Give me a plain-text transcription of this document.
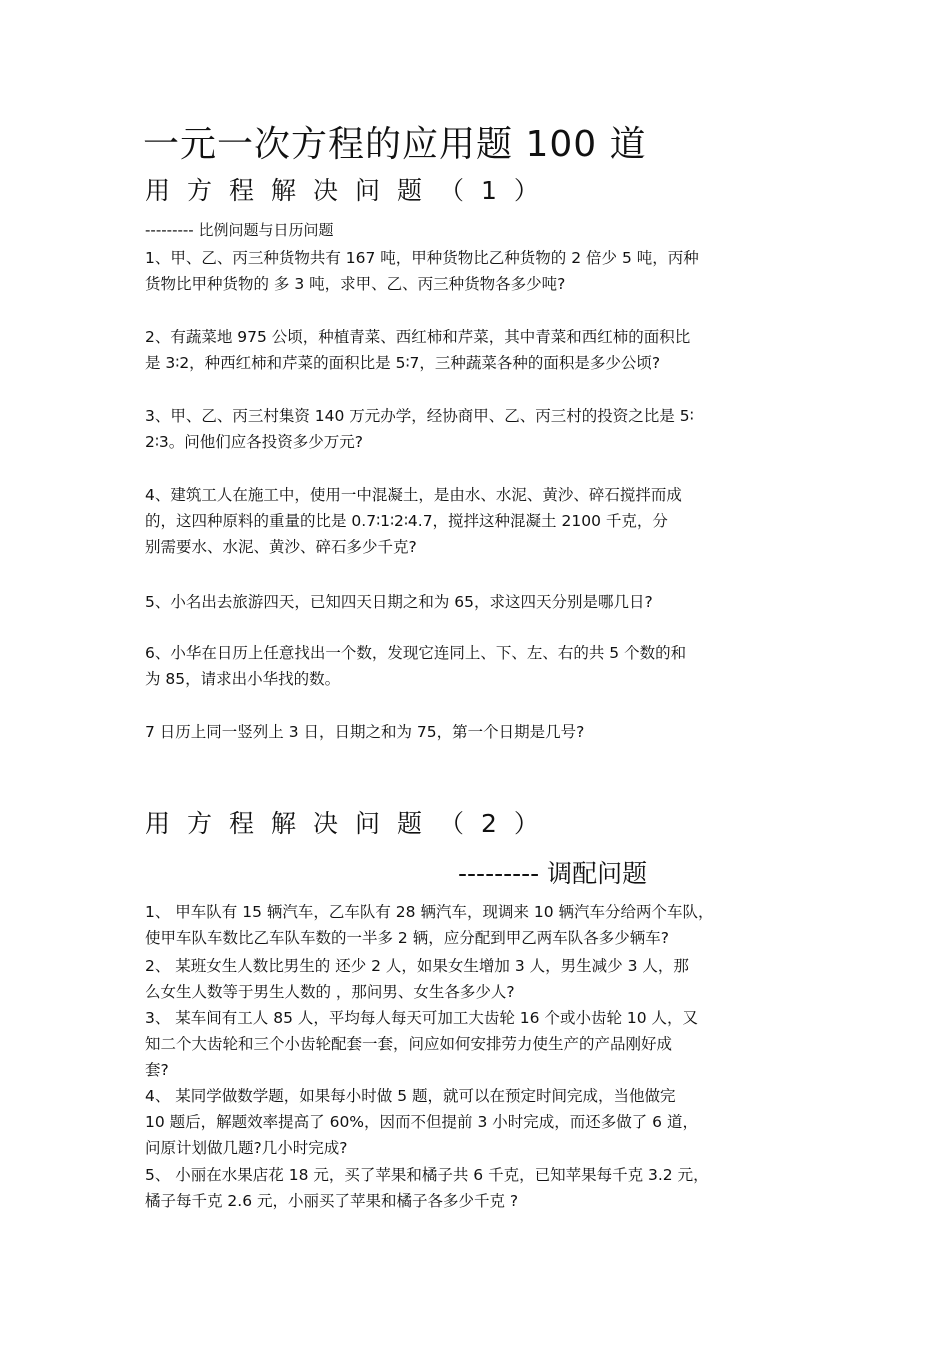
一元一次方程的应用题 100 道
用方程解决问题（1）
--------- 比例问题与日历问题
1、甲、乙、丙三种货物共有 167 吨，甲种货物比乙种货物的 2 倍少 5 吨，丙种
货物比甲种货物的 多 3 吨，求甲、乙、丙三种货物各多少吨?
2、有蔬菜地 975 公顷，种植青菜、西红柿和芹菜，其中青菜和西红柿的面积比
是 3∶2，种西红柿和芹菜的面积比是 5∶7，三种蔬菜各种的面积是多少公顷?
3、甲、乙、丙三村集资 140 万元办学，经协商甲、乙、丙三村的投资之比是 5∶
2∶3。问他们应各投资多少万元?
4、建筑工人在施工中，使用一中混凝土，是由水、水泥、黄沙、碎石搅拌而成
的，这四种原料的重量的比是 0.7∶1∶2∶4.7，搅拌这种混凝土 2100 千克，分
别需要水、水泥、黄沙、碎石多少千克?
5、小名出去旅游四天，已知四天日期之和为 65，求这四天分别是哪几日?
6、小华在日历上任意找出一个数，发现它连同上、下、左、右的共 5 个数的和
为 85，请求出小华找的数。
7 日历上同一竖列上 3 日，日期之和为 75，第一个日期是几号?
用方程解决问题（2）
--------- 调配问题
1、 甲车队有 15 辆汽车，乙车队有 28 辆汽车，现调来 10 辆汽车分给两个车队，
使甲车队车数比乙车队车数的一半多 2 辆，应分配到甲乙两车队各多少辆车?
2、 某班女生人数比男生的 还少 2 人，如果女生增加 3 人，男生减少 3 人，那
么女生人数等于男生人数的 ，那问男、女生各多少人?
3、 某车间有工人 85 人，平均每人每天可加工大齿轮 16 个或小齿轮 10 人，又
知二个大齿轮和三个小齿轮配套一套，问应如何安排劳力使生产的产品刚好成
套?
4、 某同学做数学题，如果每小时做 5 题，就可以在预定时间完成，当他做完
10 题后，解题效率提高了 60%，因而不但提前 3 小时完成，而还多做了 6 道，
问原计划做几题?几小时完成?
5、 小丽在水果店花 18 元，买了苹果和橘子共 6 千克，已知苹果每千克 3.2 元，
橘子每千克 2.6 元，小丽买了苹果和橘子各多少千克 ?
